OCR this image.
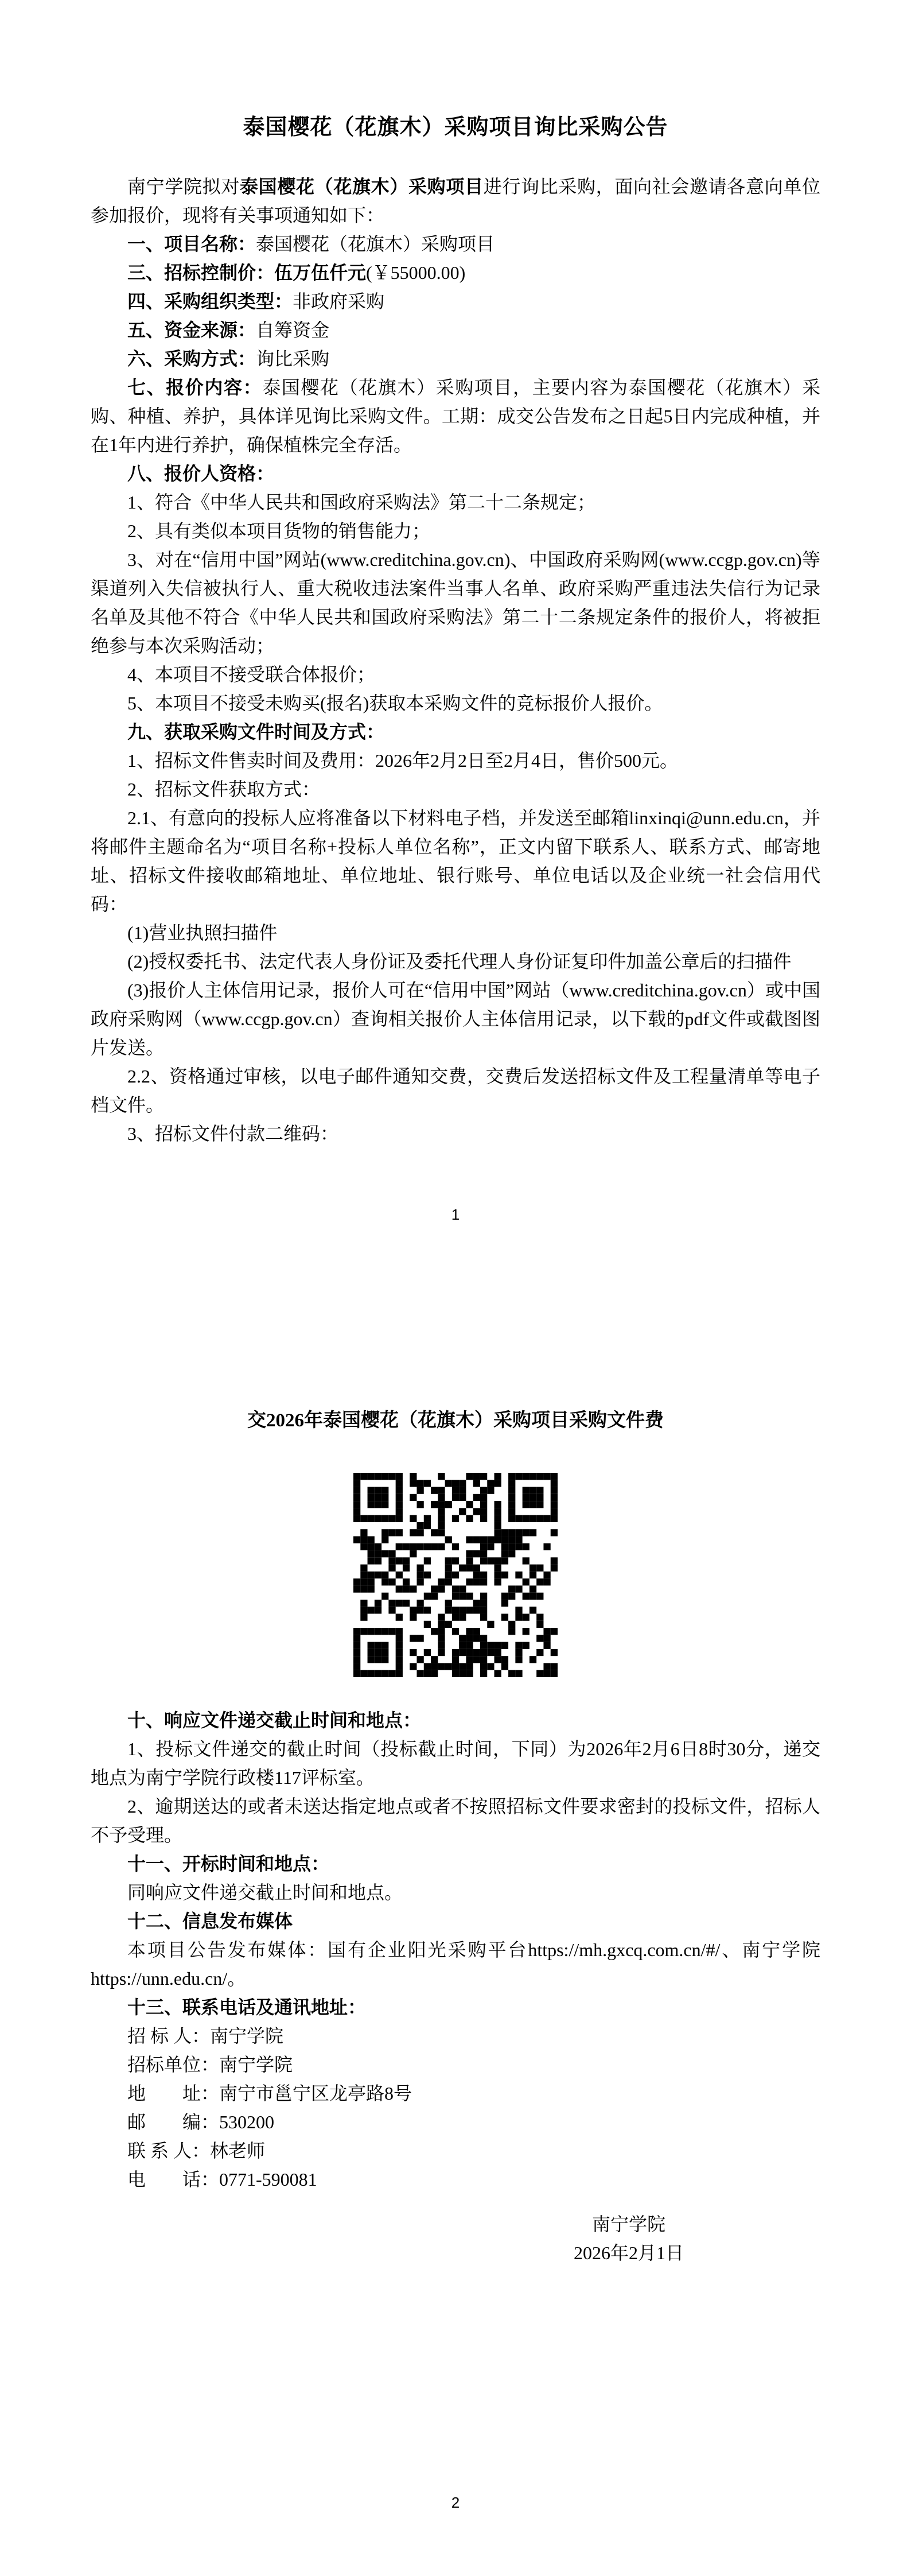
泰国樱花（花旗木）采购项目询比采购公告

南宁学院拟对泰国樱花（花旗木）采购项目进行询比采购，面向社会邀请各意向单位参加报价，现将有关事项通知如下：

一、项目名称：泰国樱花（花旗木）采购项目

三、招标控制价：伍万伍仟元(￥55000.00)

四、采购组织类型：非政府采购

五、资金来源：自筹资金

六、采购方式：询比采购

七、报价内容：泰国樱花（花旗木）采购项目，主要内容为泰国樱花（花旗木）采购、种植、养护，具体详见询比采购文件。工期：成交公告发布之日起5日内完成种植，并在1年内进行养护，确保植株完全存活。

八、报价人资格：

1、符合《中华人民共和国政府采购法》第二十二条规定；

2、具有类似本项目货物的销售能力；

3、对在“信用中国”网站(www.creditchina.gov.cn)、中国政府采购网(www.ccgp.gov.cn)等渠道列入失信被执行人、重大税收违法案件当事人名单、政府采购严重违法失信行为记录名单及其他不符合《中华人民共和国政府采购法》第二十二条规定条件的报价人，将被拒绝参与本次采购活动；

4、本项目不接受联合体报价；

5、本项目不接受未购买(报名)获取本采购文件的竞标报价人报价。

九、获取采购文件时间及方式：

1、招标文件售卖时间及费用：2026年2月2日至2月4日，售价500元。

2、招标文件获取方式：

2.1、有意向的投标人应将准备以下材料电子档，并发送至邮箱linxinqi@unn.edu.cn，并将邮件主题命名为“项目名称+投标人单位名称”，正文内留下联系人、联系方式、邮寄地址、招标文件接收邮箱地址、单位地址、银行账号、单位电话以及企业统一社会信用代码：

(1)营业执照扫描件

(2)授权委托书、法定代表人身份证及委托代理人身份证复印件加盖公章后的扫描件

(3)报价人主体信用记录，报价人可在“信用中国”网站（www.creditchina.gov.cn）或中国政府采购网（www.ccgp.gov.cn）查询相关报价人主体信用记录，以下载的pdf文件或截图图片发送。

2.2、资格通过审核，以电子邮件通知交费，交费后发送招标文件及工程量清单等电子档文件。

3、招标文件付款二维码：

1
交2026年泰国樱花（花旗木）采购项目采购文件费

十、响应文件递交截止时间和地点：

1、投标文件递交的截止时间（投标截止时间，下同）为2026年2月6日8时30分，递交地点为南宁学院行政楼117评标室。

2、逾期送达的或者未送达指定地点或者不按照招标文件要求密封的投标文件，招标人不予受理。

十一、开标时间和地点：

同响应文件递交截止时间和地点。

十二、信息发布媒体

本项目公告发布媒体：国有企业阳光采购平台https://mh.gxcq.com.cn/#/、南宁学院https://unn.edu.cn/。

十三、联系电话及通讯地址：

招 标 人：南宁学院

招标单位：南宁学院

地　　址：南宁市邕宁区龙亭路8号

邮　　编：530200

联 系 人：林老师

电　　话：0771-590081

南宁学院
2026年2月1日
2
